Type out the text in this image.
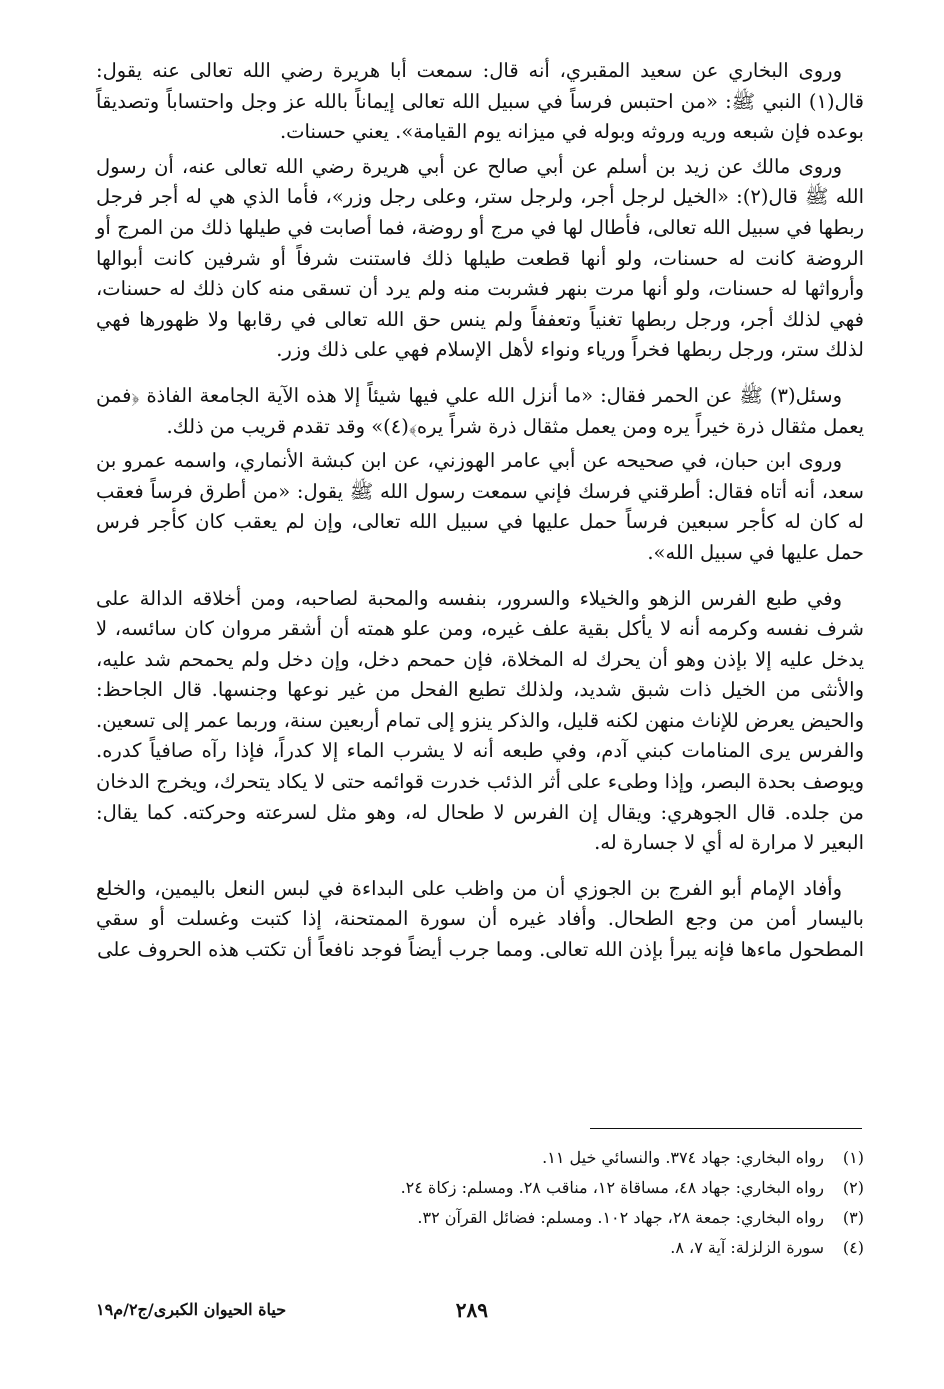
وروى البخاري عن سعيد المقبري، أنه قال: سمعت أبا هريرة رضي الله تعالى عنه يقول: قال(١) النبي ﷺ: «من احتبس فرساً في سبيل الله تعالى إيماناً بالله عز وجل واحتساباً وتصديقاً بوعده فإن شبعه وريه وروثه وبوله في ميزانه يوم القيامة». يعني حسنات.

وروى مالك عن زيد بن أسلم عن أبي صالح عن أبي هريرة رضي الله تعالى عنه، أن رسول الله ﷺ قال(٢): «الخيل لرجل أجر، ولرجل ستر، وعلى رجل وزر»، فأما الذي هي له أجر فرجل ربطها في سبيل الله تعالى، فأطال لها في مرج أو روضة، فما أصابت في طيلها ذلك من المرج أو الروضة كانت له حسنات، ولو أنها قطعت طيلها ذلك فاستنت شرفاً أو شرفين كانت أبوالها وأرواثها له حسنات، ولو أنها مرت بنهر فشربت منه ولم يرد أن تسقى منه كان ذلك له حسنات، فهي لذلك أجر، ورجل ربطها تغنياً وتعففاً ولم ينس حق الله تعالى في رقابها ولا ظهورها فهي لذلك ستر، ورجل ربطها فخراً ورياء ونواء لأهل الإسلام فهي على ذلك وزر.

وسئل(٣) ﷺ عن الحمر فقال: «ما أنزل الله علي فيها شيئاً إلا هذه الآية الجامعة الفاذة ﴿فمن يعمل مثقال ذرة خيراً يره ومن يعمل مثقال ذرة شراً يره﴾(٤)» وقد تقدم قريب من ذلك.

وروى ابن حبان، في صحيحه عن أبي عامر الهوزني، عن ابن كبشة الأنماري، واسمه عمرو بن سعد، أنه أتاه فقال: أطرقني فرسك فإني سمعت رسول الله ﷺ يقول: «من أطرق فرساً فعقب له كان له كأجر سبعين فرساً حمل عليها في سبيل الله تعالى، وإن لم يعقب كان كأجر فرس حمل عليها في سبيل الله».

وفي طبع الفرس الزهو والخيلاء والسرور، بنفسه والمحبة لصاحبه، ومن أخلاقه الدالة على شرف نفسه وكرمه أنه لا يأكل بقية علف غيره، ومن علو همته أن أشقر مروان كان سائسه، لا يدخل عليه إلا بإذن وهو أن يحرك له المخلاة، فإن حمحم دخل، وإن دخل ولم يحمحم شد عليه، والأنثى من الخيل ذات شبق شديد، ولذلك تطيع الفحل من غير نوعها وجنسها. قال الجاحظ: والحيض يعرض للإناث منهن لكنه قليل، والذكر ينزو إلى تمام أربعين سنة، وربما عمر إلى تسعين. والفرس يرى المنامات كبني آدم، وفي طبعه أنه لا يشرب الماء إلا كدراً، فإذا رآه صافياً كدره. ويوصف بحدة البصر، وإذا وطىء على أثر الذئب خدرت قوائمه حتى لا يكاد يتحرك، ويخرج الدخان من جلده. قال الجوهري: ويقال إن الفرس لا طحال له، وهو مثل لسرعته وحركته. كما يقال: البعير لا مرارة له أي لا جسارة له.

وأفاد الإمام أبو الفرج بن الجوزي أن من واظب على البداءة في لبس النعل باليمين، والخلع باليسار أمن من وجع الطحال. وأفاد غيره أن سورة الممتحنة، إذا كتبت وغسلت أو سقي المطحول ماءها فإنه يبرأ بإذن الله تعالى. ومما جرب أيضاً فوجد نافعاً أن تكتب هذه الحروف على

(١)
رواه البخاري: جهاد ٣٧٤. والنسائي خيل ١١.
(٢)
رواه البخاري: جهاد ٤٨، مساقاة ١٢، مناقب ٢٨. ومسلم: زكاة ٢٤.
(٣)
رواه البخاري: جمعة ٢٨، جهاد ١٠٢. ومسلم: فضائل القرآن ٣٢.
(٤)
سورة الزلزلة: آية ٧، ٨.
٢٨٩
حياة الحيوان الكبرى/ج٢/م١٩
